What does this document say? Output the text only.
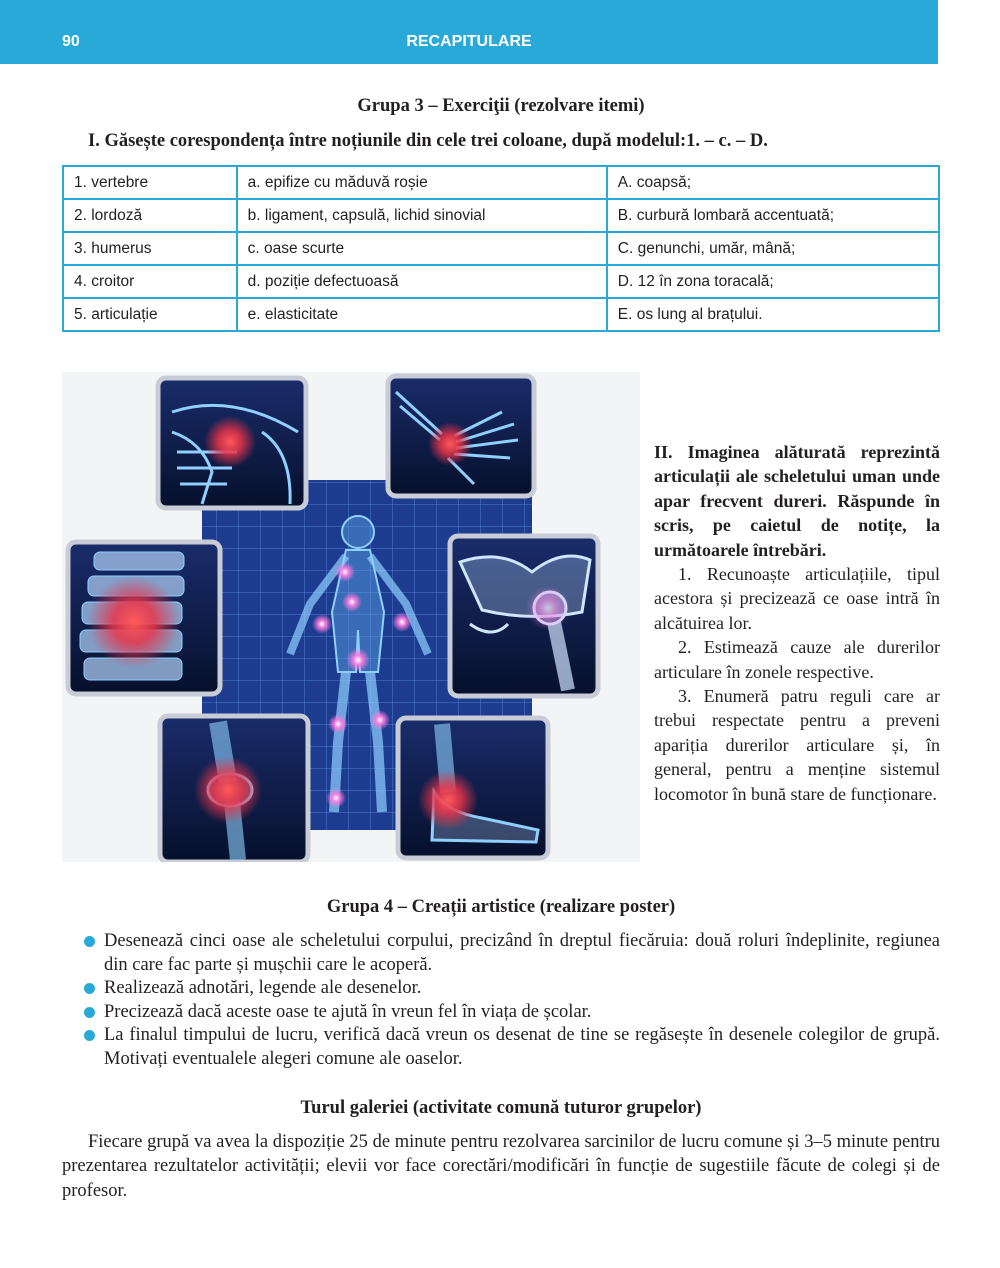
90	RECAPITULARE
Grupa 3 – Exerciţii (rezolvare itemi)
I. Găsește corespondența între noțiunile din cele trei coloane, după modelul:1. – c. – D.
1. vertebre	a. epifize cu măduvă roșie	A. coapsă;
2. lordoză	b. ligament, capsulă, lichid sinovial	B. curbură lombară accentuată;
3. humerus	c. oase scurte	C. genunchi, umăr, mână;
4. croitor	d. poziție defectuoasă	D. 12 în zona toracală;
5. articulație	e. elasticitate	E. os lung al brațului.
II. Imaginea alăturată reprezintă articulații ale scheletului uman unde apar frecvent dureri. Răspunde în scris, pe caietul de notițe, la următoarele întrebări.

1. Recunoaște articulațiile, tipul acestora și precizează ce oase intră în alcătuirea lor.

2. Estimează cauze ale durerilor articulare în zonele respective.

3. Enumeră patru reguli care ar trebui respectate pentru a preveni apariția durerilor articulare și, în general, pentru a menține sistemul locomotor în bună stare de funcționare.

Grupa 4 – Creații artistice (realizare poster)
Desenează cinci oase ale scheletului corpului, precizând în dreptul fiecăruia: două roluri îndeplinite, regiunea din care fac parte și mușchii care le acoperă.
Realizează adnotări, legende ale desenelor.
Precizează dacă aceste oase te ajută în vreun fel în viața de școlar.
La finalul timpului de lucru, verifică dacă vreun os desenat de tine se regăsește în desenele colegilor de grupă. Motivați eventualele alegeri comune ale oaselor.
Turul galeriei (activitate comună tuturor grupelor)

Fiecare grupă va avea la dispoziție 25 de minute pentru rezolvarea sarcinilor de lucru comune și 3–5 minute pentru prezentarea rezultatelor activității; elevii vor face corectări/modificări în funcție de sugestiile făcute de colegi și de profesor.
